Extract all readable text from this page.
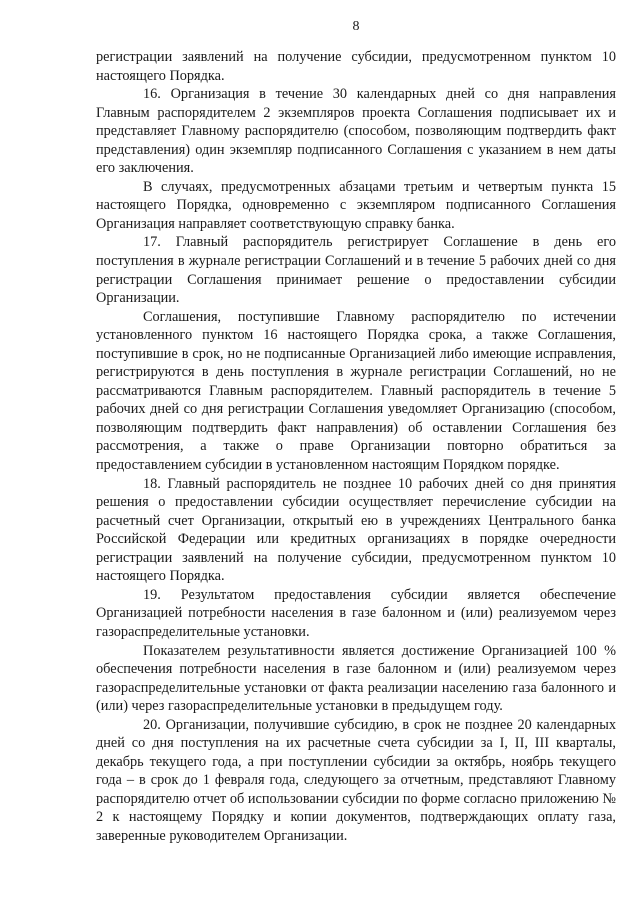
8

регистрации заявлений на получение субсидии, предусмотренном пунктом 10 настоящего Порядка.

16. Организация в течение 30 календарных дней со дня направления Главным распорядителем 2 экземпляров проекта Соглашения подписывает их и представляет Главному распорядителю (способом, позволяющим подтвердить факт представления) один экземпляр подписанного Соглашения с указанием в нем даты его заключения.

В случаях, предусмотренных абзацами третьим и четвертым пункта 15 настоящего Порядка, одновременно с экземпляром подписанного Соглашения Организация направляет соответствующую справку банка.

17. Главный распорядитель регистрирует Соглашение в день его поступления в журнале регистрации Соглашений и в течение 5 рабочих дней со дня регистрации Соглашения принимает решение о предоставлении субсидии Организации.

Соглашения, поступившие Главному распорядителю по истечении установленного пунктом 16 настоящего Порядка срока, а также Соглашения, поступившие в срок, но не подписанные Организацией либо имеющие исправления, регистрируются в день поступления в журнале регистрации Соглашений, но не рассматриваются Главным распорядителем. Главный распорядитель в течение 5 рабочих дней со дня регистрации Соглашения уведомляет Организацию (способом, позволяющим подтвердить факт направления) об оставлении Соглашения без рассмотрения, а также о праве Организации повторно обратиться за предоставлением субсидии в установленном настоящим Порядком порядке.

18. Главный распорядитель не позднее 10 рабочих дней со дня принятия решения о предоставлении субсидии осуществляет перечисление субсидии на расчетный счет Организации, открытый ею в учреждениях Центрального банка Российской Федерации или кредитных организациях в порядке очередности регистрации заявлений на получение субсидии, предусмотренном пунктом 10 настоящего Порядка.

19. Результатом предоставления субсидии является обеспечение Организацией потребности населения в газе балонном и (или) реализуемом через газораспределительные установки.

Показателем результативности является достижение Организацией 100 % обеспечения потребности населения в газе балонном и (или) реализуемом через газораспределительные установки от факта реализации населению газа балонного и (или) через газораспределительные установки в предыдущем году.

20. Организации, получившие субсидию, в срок не позднее 20 календарных дней со дня поступления на их расчетные счета субсидии за I, II, III кварталы, декабрь текущего года, а при поступлении субсидии за октябрь, ноябрь текущего года – в срок до 1 февраля года, следующего за отчетным, представляют Главному распорядителю отчет об использовании субсидии по форме согласно приложению № 2 к настоящему Порядку и копии документов, подтверждающих оплату газа, заверенные руководителем Организации.
